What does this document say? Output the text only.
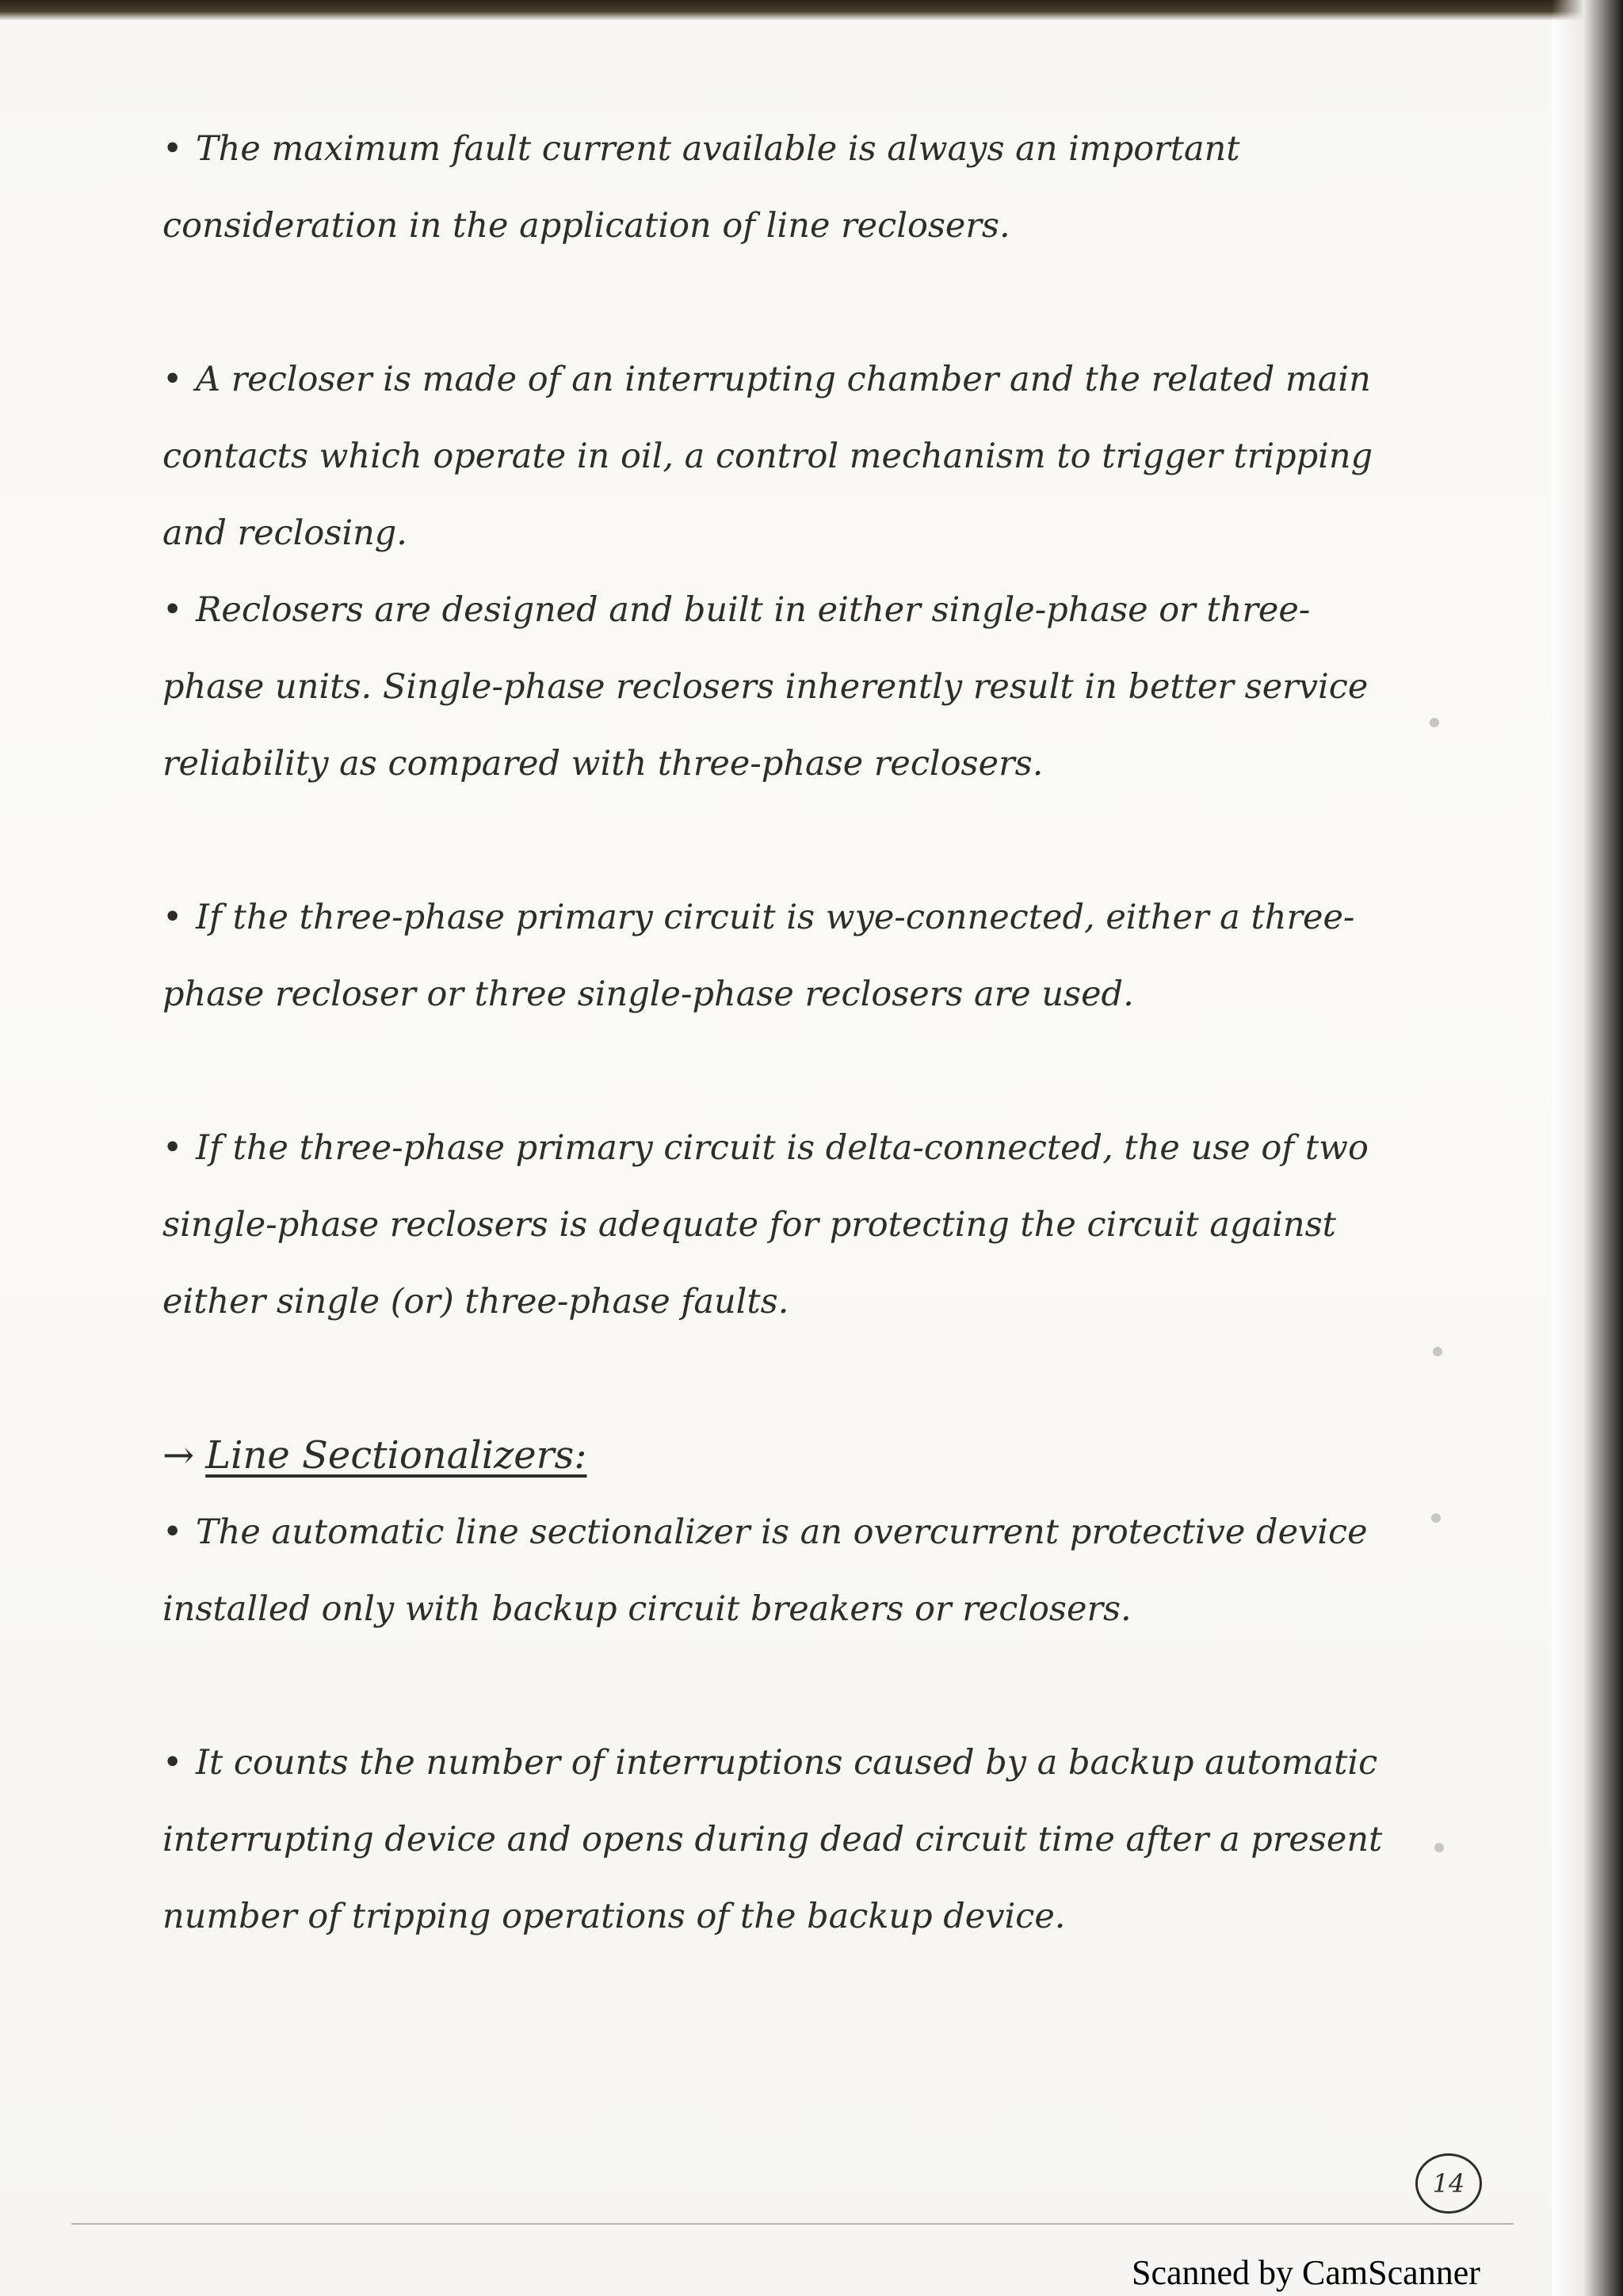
• The maximum fault current available is always an important consideration in the application of line reclosers.

• A recloser is made of an interrupting chamber and the related main contacts which operate in oil, a control mechanism to trigger tripping and reclosing.

• Reclosers are designed and built in either single-phase or three-phase units. Single-phase reclosers inherently result in better service reliability as compared with three-phase reclosers.

• If the three-phase primary circuit is wye-connected, either a three-phase recloser or three single-phase reclosers are used.

• If the three-phase primary circuit is delta-connected, the use of two single-phase reclosers is adequate for protecting the circuit against either single (or) three-phase faults.

→ Line Sectionalizers:

• The automatic line sectionalizer is an overcurrent protective device installed only with backup circuit breakers or reclosers.

• It counts the number of interruptions caused by a backup automatic interrupting device and opens during dead circuit time after a present number of tripping operations of the backup device.

14
Scanned by CamScanner
